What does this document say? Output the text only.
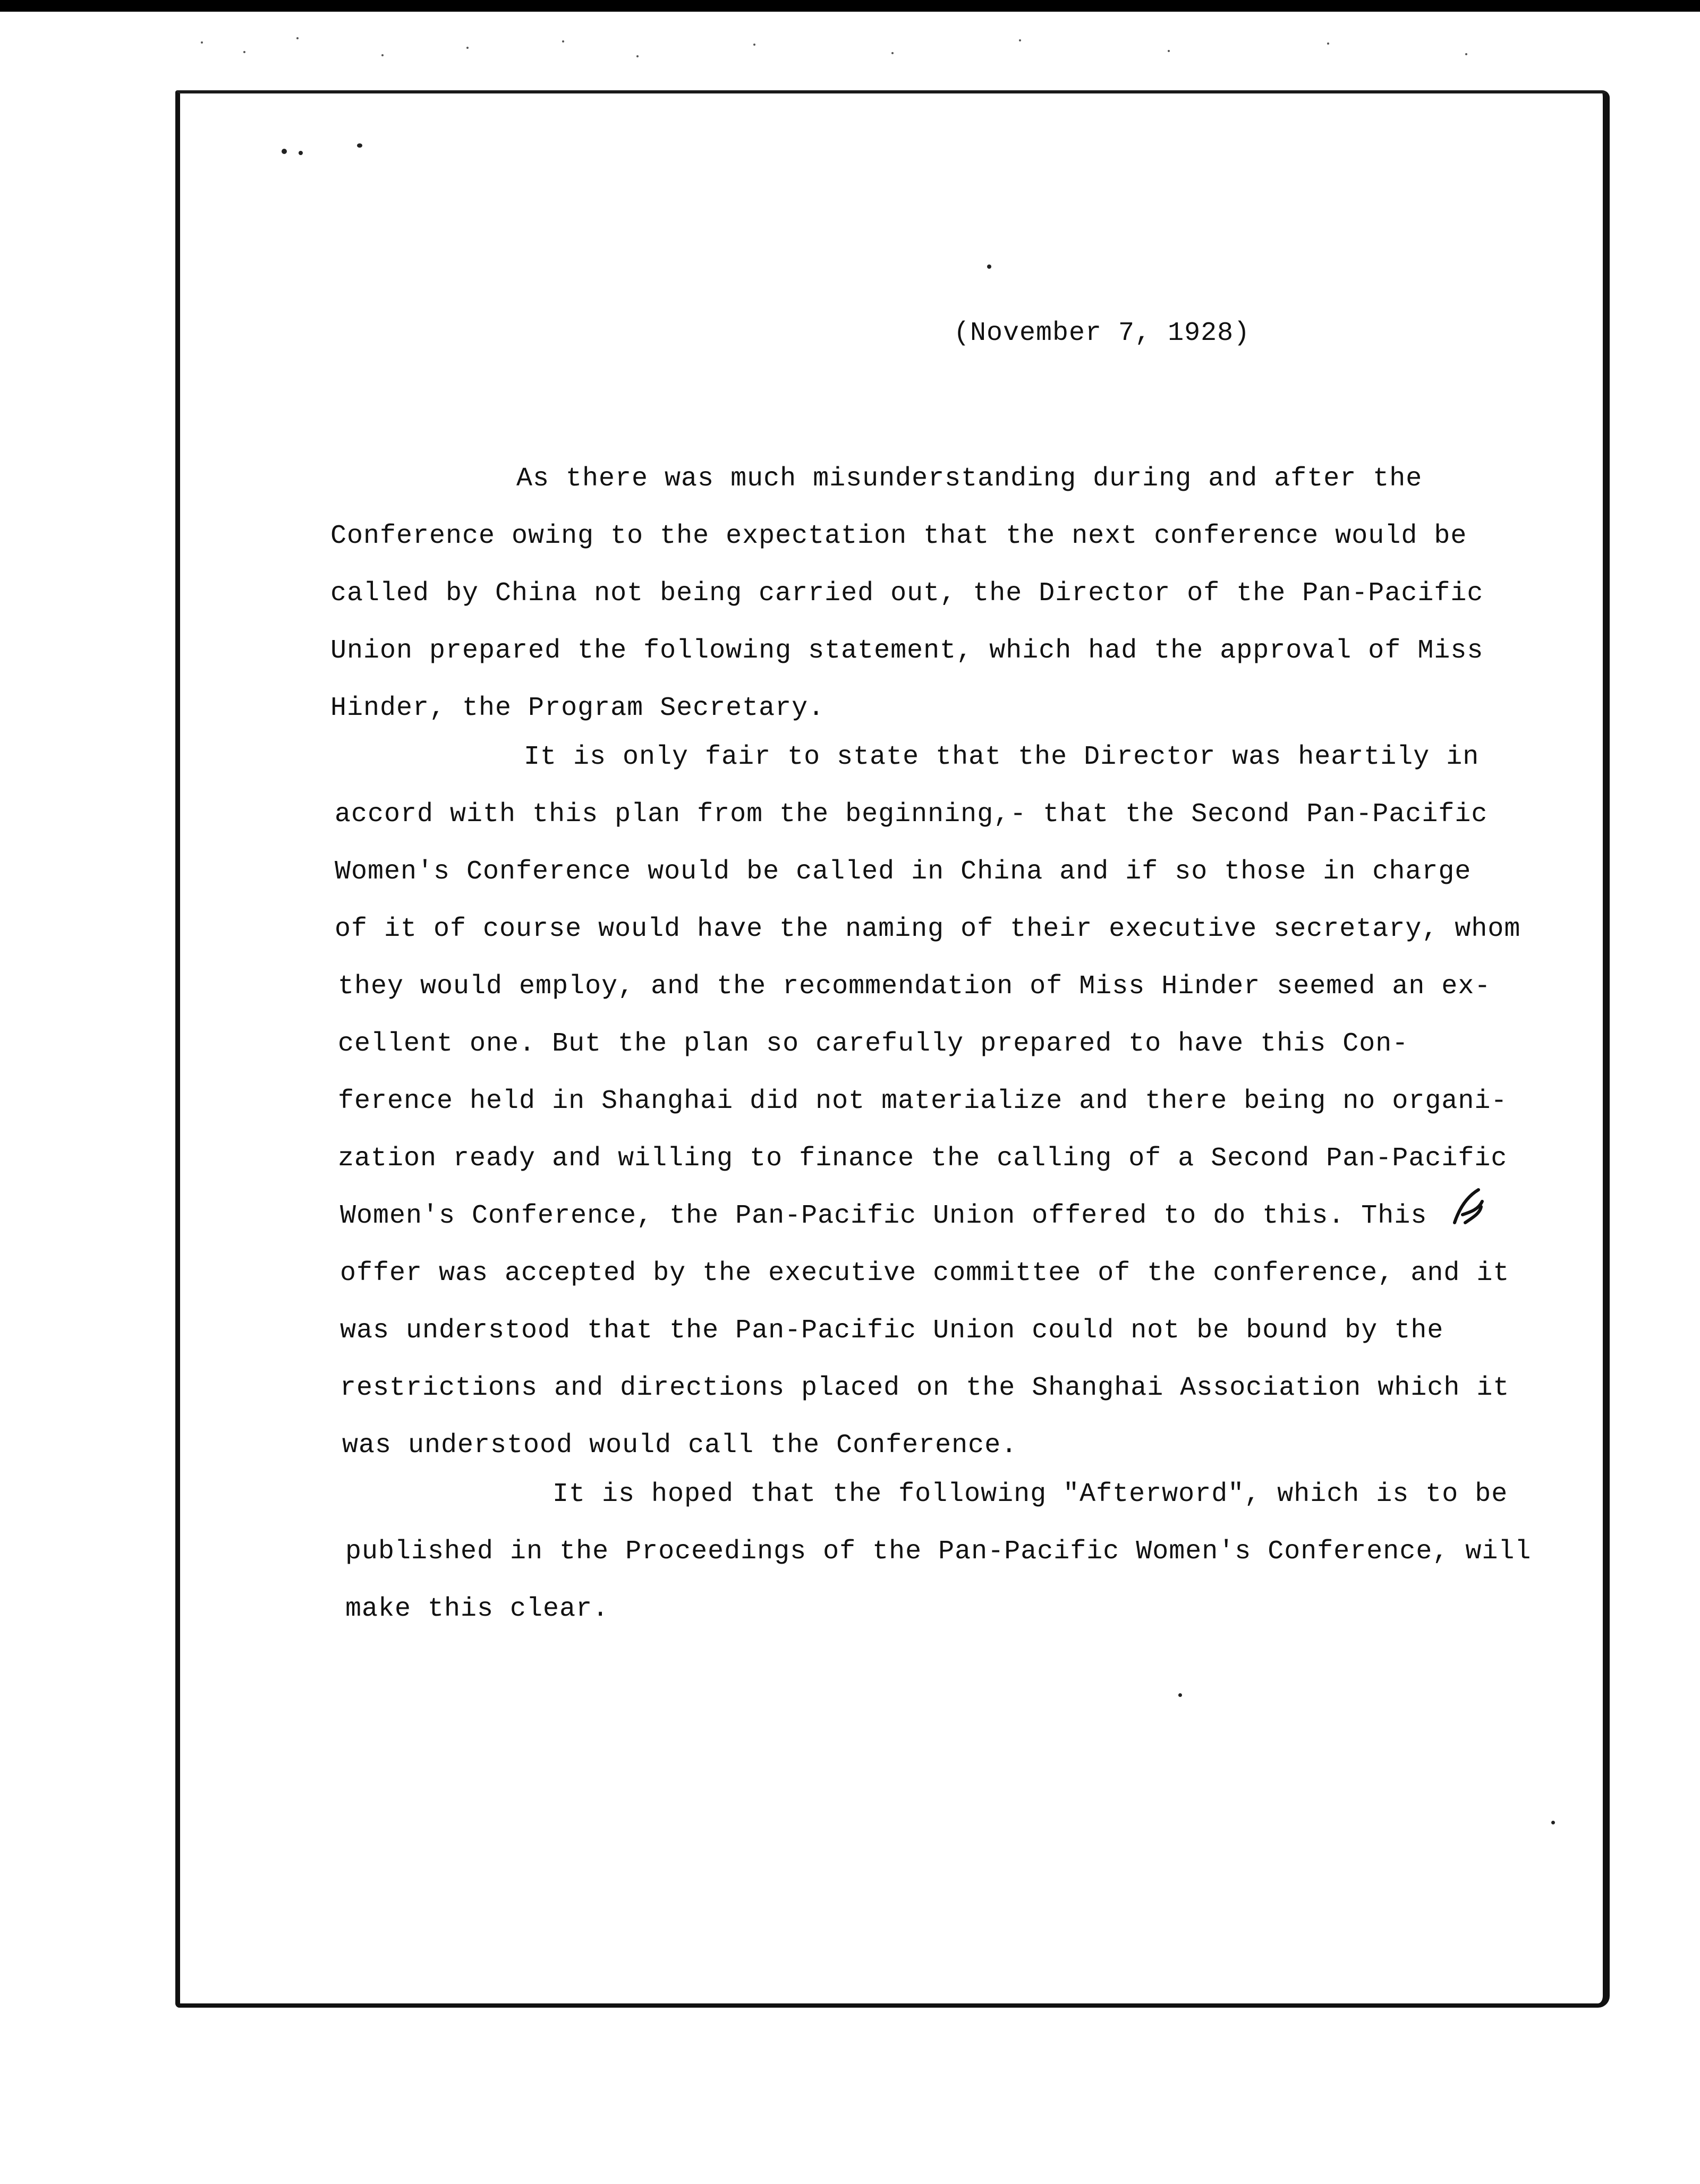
(November 7, 1928)
As there was much misunderstanding during and after the
Conference owing to the expectation that the next conference would be
called by China not being carried out, the Director of the Pan-Pacific
Union prepared the following statement, which had the approval of Miss
Hinder, the Program Secretary.
It is only fair to state that the Director was heartily in
accord with this plan from the beginning,- that the Second Pan-Pacific
Women's Conference would be called in China and if so those in charge
of it of course would have the naming of their executive secretary, whom
they would employ, and the recommendation of Miss Hinder seemed an ex-
cellent one. But the plan so carefully prepared to have this Con-
ference held in Shanghai did not materialize and there being no organi-
zation ready and willing to finance the calling of a Second Pan-Pacific
Women's Conference, the Pan-Pacific Union offered to do this. This
offer was accepted by the executive committee of the conference, and it
was understood that the Pan-Pacific Union could not be bound by the
restrictions and directions placed on the Shanghai Association which it
was understood would call the Conference.
It is hoped that the following "Afterword", which is to be
published in the Proceedings of the Pan-Pacific Women's Conference, will
make this clear.
